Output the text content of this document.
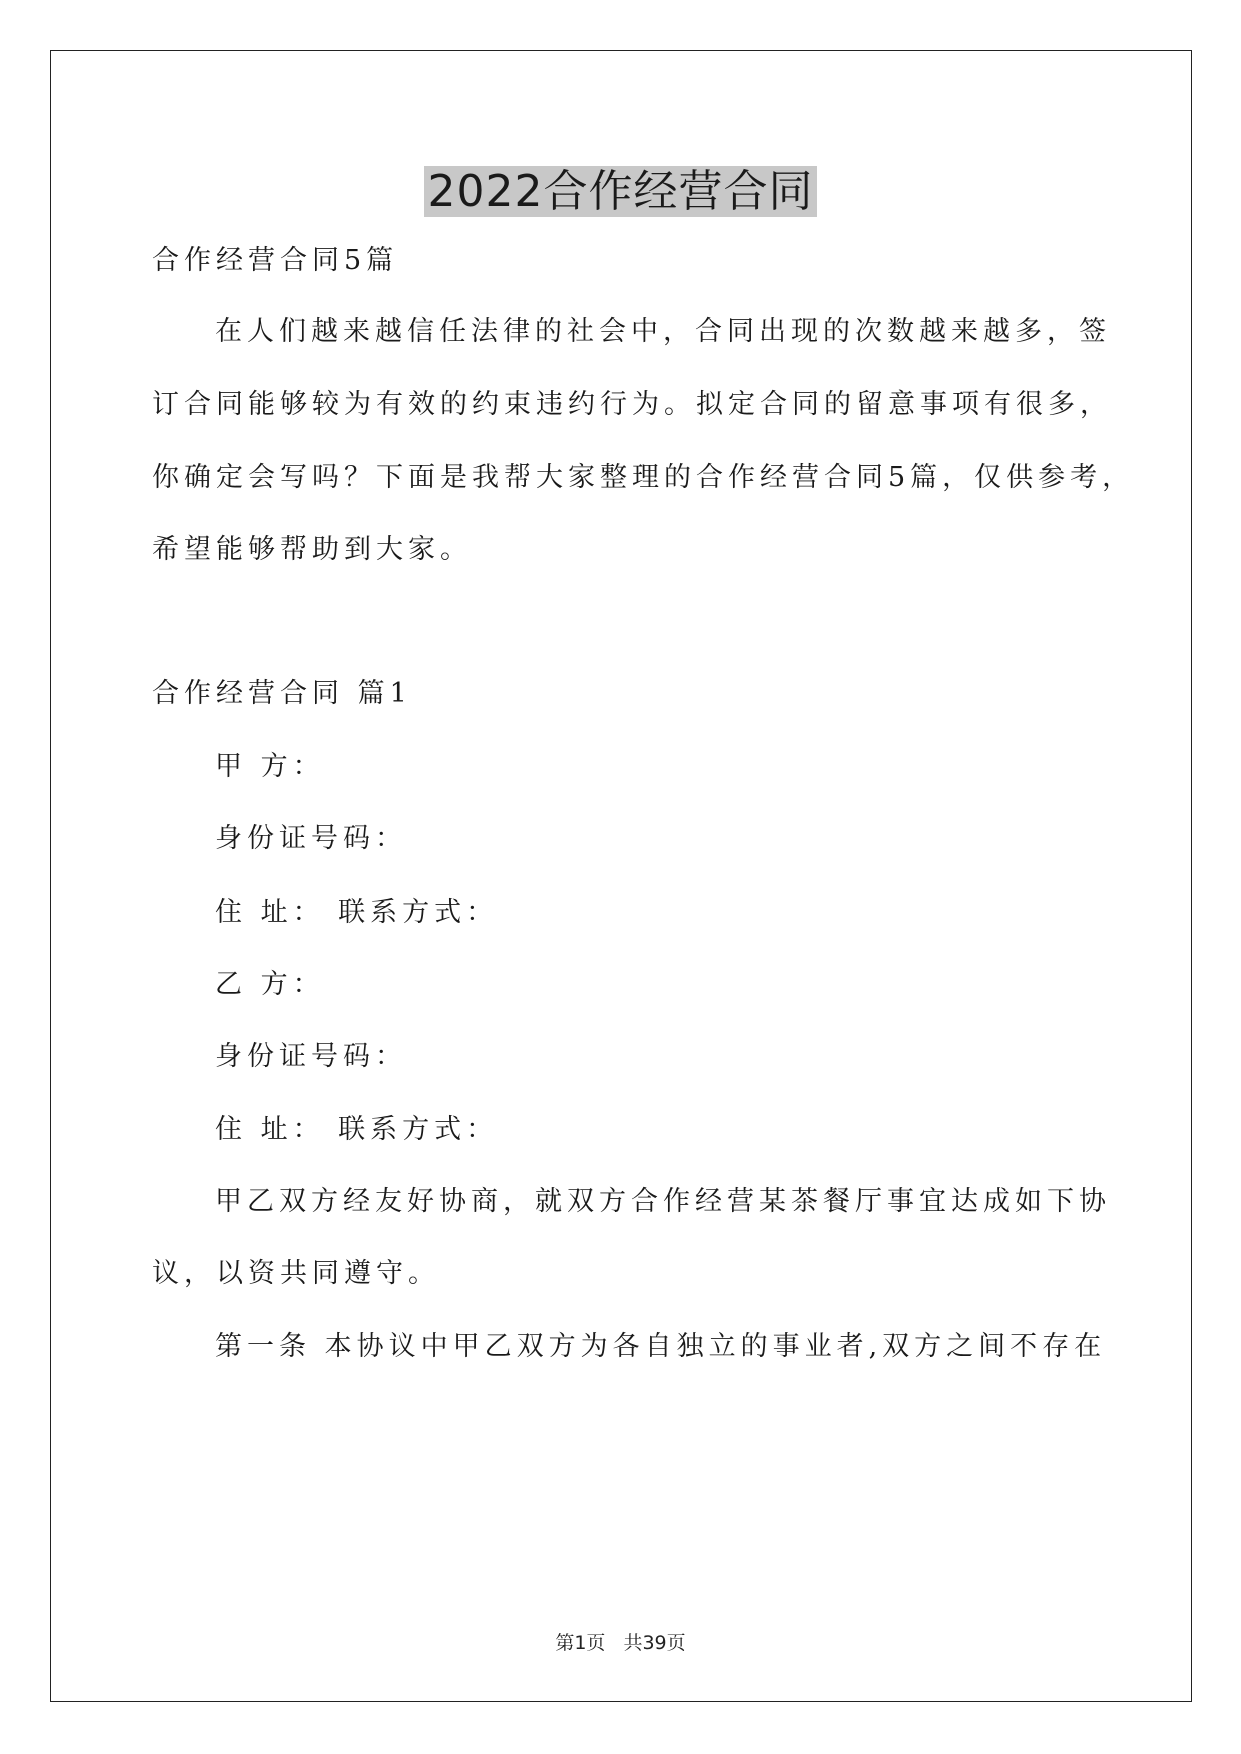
2022合作经营合同
合作经营合同5篇
在人们越来越信任法律的社会中，合同出现的次数越来越多，签
订合同能够较为有效的约束违约行为。拟定合同的留意事项有很多，
你确定会写吗？下面是我帮大家整理的合作经营合同5篇，仅供参考，
希望能够帮助到大家。
合作经营合同 篇1
甲 方：
身份证号码：
住 址： 联系方式：
乙 方：
身份证号码：
住 址： 联系方式：
甲乙双方经友好协商，就双方合作经营某茶餐厅事宜达成如下协
议，以资共同遵守。
第一条 本协议中甲乙双方为各自独立的事业者,双方之间不存在
第1页 共39页
